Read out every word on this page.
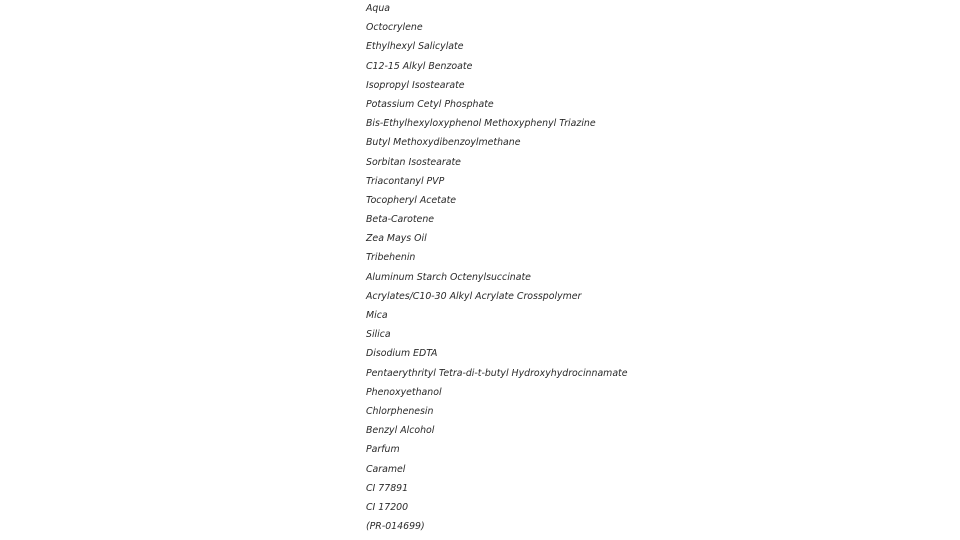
Aqua
Octocrylene
Ethylhexyl Salicylate
C12-15 Alkyl Benzoate
Isopropyl Isostearate
Potassium Cetyl Phosphate
Bis-Ethylhexyloxyphenol Methoxyphenyl Triazine
Butyl Methoxydibenzoylmethane
Sorbitan Isostearate
Triacontanyl PVP
Tocopheryl Acetate
Beta-Carotene
Zea Mays Oil
Tribehenin
Aluminum Starch Octenylsuccinate
Acrylates/C10-30 Alkyl Acrylate Crosspolymer
Mica
Silica
Disodium EDTA
Pentaerythrityl Tetra-di-t-butyl Hydroxyhydrocinnamate
Phenoxyethanol
Chlorphenesin
Benzyl Alcohol
Parfum
Caramel
CI 77891
CI 17200
(PR-014699)
